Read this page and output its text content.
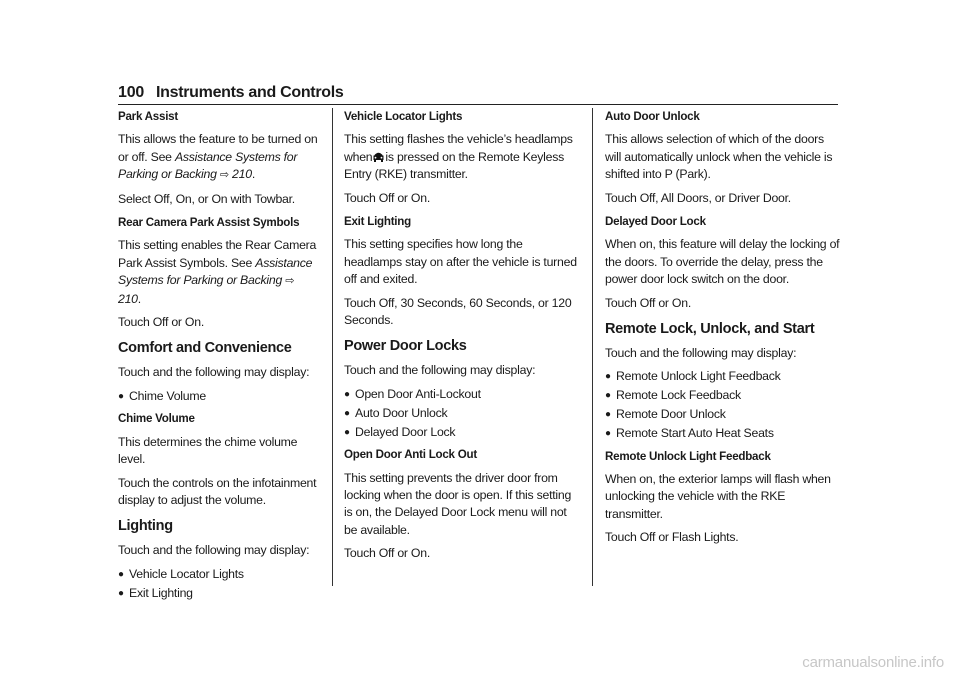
100 Instruments and Controls

Park Assist

This allows the feature to be turned on or off. See Assistance Systems for Parking or Backing ⇨ 210.

Select Off, On, or On with Towbar.

Rear Camera Park Assist Symbols

This setting enables the Rear Camera Park Assist Symbols. See Assistance Systems for Parking or Backing ⇨ 210.

Touch Off or On.

Comfort and Convenience

Touch and the following may display:

● Chime Volume

Chime Volume

This determines the chime volume level.

Touch the controls on the infotainment display to adjust the volume.

Lighting

Touch and the following may display:

● Vehicle Locator Lights
● Exit Lighting

Vehicle Locator Lights

This setting flashes the vehicle’s headlamps when is pressed on the Remote Keyless Entry (RKE) transmitter.

Touch Off or On.

Exit Lighting

This setting specifies how long the headlamps stay on after the vehicle is turned off and exited.

Touch Off, 30 Seconds, 60 Seconds, or 120 Seconds.

Power Door Locks

Touch and the following may display:

● Open Door Anti-Lockout
● Auto Door Unlock
● Delayed Door Lock

Open Door Anti Lock Out

This setting prevents the driver door from locking when the door is open. If this setting is on, the Delayed Door Lock menu will not be available.

Touch Off or On.

Auto Door Unlock

This allows selection of which of the doors will automatically unlock when the vehicle is shifted into P (Park).

Touch Off, All Doors, or Driver Door.

Delayed Door Lock

When on, this feature will delay the locking of the doors. To override the delay, press the power door lock switch on the door.

Touch Off or On.

Remote Lock, Unlock, and Start

Touch and the following may display:

● Remote Unlock Light Feedback
● Remote Lock Feedback
● Remote Door Unlock
● Remote Start Auto Heat Seats

Remote Unlock Light Feedback

When on, the exterior lamps will flash when unlocking the vehicle with the RKE transmitter.

Touch Off or Flash Lights.

carmanualsonline.info
